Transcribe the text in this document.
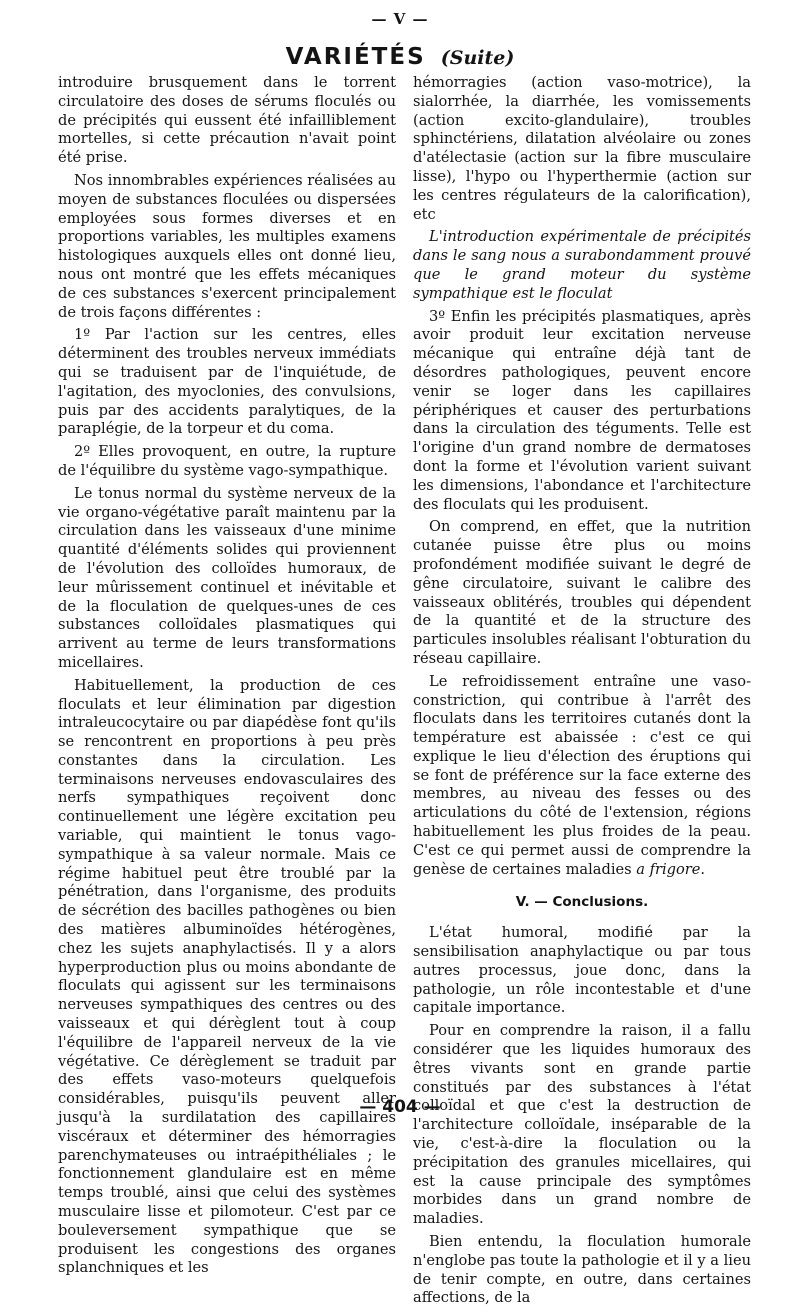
— V —
VARIÉTÉS (Suite)

introduire brusquement dans le torrent circulatoire des doses de sérums floculés ou de précipités qui eussent été infailliblement mortelles, si cette précaution n'avait point été prise.

Nos innombrables expériences réalisées au moyen de substances floculées ou dispersées employées sous formes diverses et en proportions variables, les multiples examens histologiques auxquels elles ont donné lieu, nous ont montré que les effets mécaniques de ces substances s'exercent principalement de trois façons différentes :

1º Par l'action sur les centres, elles déterminent des troubles nerveux immédiats qui se traduisent par de l'inquiétude, de l'agitation, des myoclonies, des convulsions, puis par des accidents paralytiques, de la paraplégie, de la torpeur et du coma.

2º Elles provoquent, en outre, la rupture de l'équilibre du système vago-sympathique.

Le tonus normal du système nerveux de la vie organo-végétative paraît maintenu par la circulation dans les vaisseaux d'une minime quantité d'éléments solides qui proviennent de l'évolution des colloïdes humoraux, de leur mûrissement continuel et inévitable et de la floculation de quelques-unes de ces substances colloïdales plasmatiques qui arrivent au terme de leurs transformations micellaires.

Habituellement, la production de ces floculats et leur élimination par digestion intraleucocytaire ou par diapédèse font qu'ils se rencontrent en proportions à peu près constantes dans la circulation. Les terminaisons nerveuses endovasculaires des nerfs sympathiques reçoivent donc continuellement une légère excitation peu variable, qui maintient le tonus vago-sympathique à sa valeur normale. Mais ce régime habituel peut être troublé par la pénétration, dans l'organisme, des produits de sécrétion des bacilles pathogènes ou bien des matières albuminoïdes hétérogènes, chez les sujets anaphylactisés. Il y a alors hyperproduction plus ou moins abondante de floculats qui agissent sur les terminaisons nerveuses sympathiques des centres ou des vaisseaux et qui dérèglent tout à coup l'équilibre de l'appareil nerveux de la vie végétative. Ce dérèglement se traduit par des effets vaso-moteurs quelquefois considérables, puisqu'ils peuvent aller jusqu'à la surdilatation des capillaires viscéraux et déterminer des hémorragies parenchymateuses ou intraépithéliales ; le fonctionnement glandulaire est en même temps troublé, ainsi que celui des systèmes musculaire lisse et pilomoteur. C'est par ce bouleversement sympathique que se produisent les congestions des organes splanchniques et les

hémorragies (action vaso-motrice), la sialorrhée, la diarrhée, les vomissements (action excito-glandulaire), troubles sphinctériens, dilatation alvéolaire ou zones d'atélectasie (action sur la fibre musculaire lisse), l'hypo ou l'hyperthermie (action sur les centres régulateurs de la calorification), etc

L'introduction expérimentale de précipités dans le sang nous a surabondamment prouvé que le grand moteur du système sympathique est le floculat

3º Enfin les précipités plasmatiques, après avoir produit leur excitation nerveuse mécanique qui entraîne déjà tant de désordres pathologiques, peuvent encore venir se loger dans les capillaires périphériques et causer des perturbations dans la circulation des téguments. Telle est l'origine d'un grand nombre de dermatoses dont la forme et l'évolution varient suivant les dimensions, l'abondance et l'architecture des floculats qui les produisent.

On comprend, en effet, que la nutrition cutanée puisse être plus ou moins profondément modifiée suivant le degré de gêne circulatoire, suivant le calibre des vaisseaux oblitérés, troubles qui dépendent de la quantité et de la structure des particules insolubles réalisant l'obturation du réseau capillaire.

Le refroidissement entraîne une vaso-constriction, qui contribue à l'arrêt des floculats dans les territoires cutanés dont la température est abaissée : c'est ce qui explique le lieu d'élection des éruptions qui se font de préférence sur la face externe des membres, au niveau des fesses ou des articulations du côté de l'extension, régions habituellement les plus froides de la peau. C'est ce qui permet aussi de comprendre la genèse de certaines maladies a frigore.

V. — Conclusions.

L'état humoral, modifié par la sensibilisation anaphylactique ou par tous autres processus, joue donc, dans la pathologie, un rôle incontestable et d'une capitale importance.

Pour en comprendre la raison, il a fallu considérer que les liquides humoraux des êtres vivants sont en grande partie constitués par des substances à l'état colloïdal et que c'est la destruction de l'architecture colloïdale, inséparable de la vie, c'est-à-dire la floculation ou la précipitation des granules micellaires, qui est la cause principale des symptômes morbides dans un grand nombre de maladies.

Bien entendu, la floculation humorale n'englobe pas toute la pathologie et il y a lieu de tenir compte, en outre, dans certaines affections, de la

— 404 —
